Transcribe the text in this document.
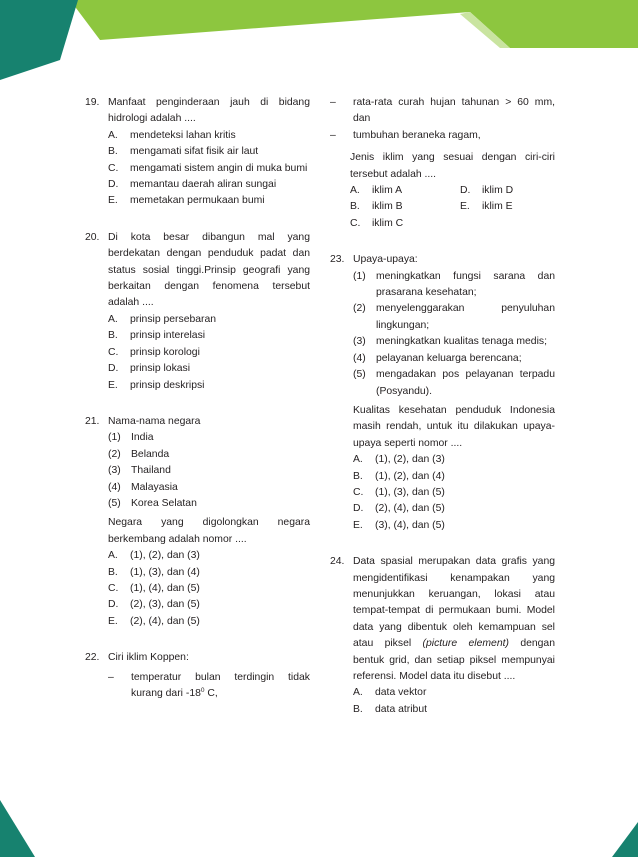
19. Manfaat penginderaan jauh di bidang hidrologi adalah ....
A. mendeteksi lahan kritis
B. mengamati sifat fisik air laut
C. mengamati sistem angin di muka bumi
D. memantau daerah aliran sungai
E. memetakan permukaan bumi
20. Di kota besar dibangun mal yang berdekatan dengan penduduk padat dan status sosial tinggi.Prinsip geografi yang berkaitan dengan fenomena tersebut adalah ....
A. prinsip persebaran
B. prinsip interelasi
C. prinsip korologi
D. prinsip lokasi
E. prinsip deskripsi
21. Nama-nama negara
(1) India
(2) Belanda
(3) Thailand
(4) Malayasia
(5) Korea Selatan
Negara yang digolongkan negara berkembang adalah nomor ....
A. (1), (2), dan (3)
B. (1), (3), dan (4)
C. (1), (4), dan (5)
D. (2), (3), dan (5)
E. (2), (4), dan (5)
22. Ciri iklim Koppen:
– temperatur bulan terdingin tidak kurang dari $-18^0$ C,
– rata-rata curah hujan tahunan > 60 mm, dan
– tumbuhan beraneka ragam,
Jenis iklim yang sesuai dengan ciri-ciri tersebut adalah ....
A. iklim A	D. iklim D
B. iklim B	E. iklim E
C. iklim C
23. Upaya-upaya:
(1) meningkatkan fungsi sarana dan prasarana kesehatan;
(2) menyelenggarakan penyuluhan lingkungan;
(3) meningkatkan kualitas tenaga medis;
(4) pelayanan keluarga berencana;
(5) mengadakan pos pelayanan terpadu (Posyandu).
Kualitas kesehatan penduduk Indonesia masih rendah, untuk itu dilakukan upaya-upaya seperti nomor ....
A. (1), (2), dan (3)
B. (1), (2), dan (4)
C. (1), (3), dan (5)
D. (2), (4), dan (5)
E. (3), (4), dan (5)
24. Data spasial merupakan data grafis yang mengidentifikasi kenampakan yang menunjukkan keruangan, lokasi atau tempat-tempat di permukaan bumi. Model data yang dibentuk oleh kemampuan sel atau piksel (picture element) dengan bentuk grid, dan setiap piksel mempunyai referensi. Model data itu disebut ....
A. data vektor
B. data atribut
